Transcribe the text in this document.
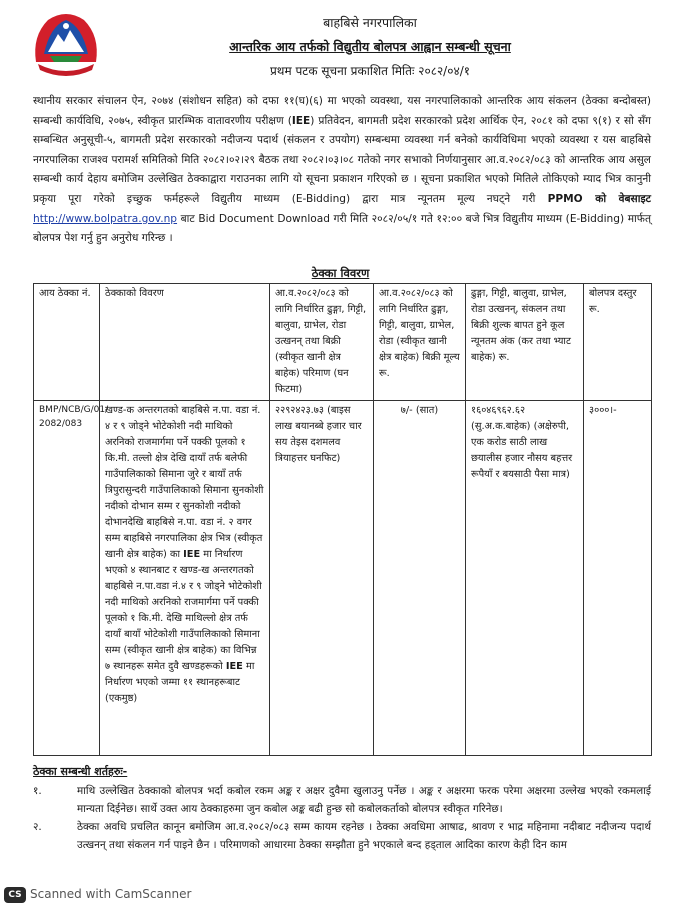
बाहबिसे नगरपालिका
आन्तरिक आय तर्फको विद्युतीय बोलपत्र आह्वान सम्बन्धी सूचना
प्रथम पटक सूचना प्रकाशित मितिः २०८२/०४/१

स्थानीय सरकार संचालन ऐन, २०७४ (संशोधन सहित) को दफा ११(घ)(६) मा भएको व्यवस्था, यस नगरपालिकाको आन्तरिक आय संकलन (ठेक्का बन्दोबस्त) सम्बन्धी कार्यविधि, २०७५, स्वीकृत प्रारम्भिक वातावरणीय परीक्षण (IEE) प्रतिवेदन, बागमती प्रदेश सरकारको प्रदेश आर्थिक ऐन, २०८१ को दफा ९(१) र सो सँग सम्बन्धित अनुसूची-५, बागमती प्रदेश सरकारको नदीजन्य पदार्थ (संकलन र उपयोग) सम्बन्धमा व्यवस्था गर्न बनेको कार्यविधिमा भएको व्यवस्था र यस बाहबिसे नगरपालिका राजश्व परामर्श समितिको मिति २०८२।०२।२९ बैठक तथा २०८२।०३।०८ गतेको नगर सभाको निर्णयानुसार आ.व.२०८२/०८३ को आन्तरिक आय असुल सम्बन्धी कार्य देहाय बमोजिम उल्लेखित ठेक्काद्वारा गराउनका लागि यो सूचना प्रकाशन गरिएको छ । सूचना प्रकाशित भएको मितिले तोकिएको म्याद भित्र कानुनी प्रकृया पूरा गरेको इच्छुक फर्महरूले विद्युतीय माध्यम (E-Bidding) द्वारा मात्र न्यूनतम मूल्य नघट्ने गरी PPMO को वेबसाइट http://www.bolpatra.gov.np बाट Bid Document Download गरी मिति २०८२/०५/१ गते १२:०० बजे भित्र विद्युतीय माध्यम (E-Bidding) मार्फत् बोलपत्र पेश गर्नु हुन अनुरोध गरिन्छ ।

ठेक्का विवरण
आय ठेक्का नं.	ठेक्काको विवरण	आ.व.२०८२/०८३ को लागि निर्धारित ढुङ्गा, गिट्टी, बालुवा, ग्राभेल, रोडा उत्खनन् तथा बिक्री (स्वीकृत खानी क्षेत्र बाहेक) परिमाण (घन फिटमा)	आ.व.२०८२/०८३ को लागि निर्धारित ढुङ्गा, गिट्टी, बालुवा, ग्राभेल, रोडा (स्वीकृत खानी क्षेत्र बाहेक) बिक्री मूल्य रू.	ढुङ्गा, गिट्टी, बालुवा, ग्राभेल, रोडा उत्खनन्, संकलन तथा बिक्री शुल्क बापत हुने कूल न्यूनतम अंक (कर तथा भ्याट बाहेक) रू.	बोलपत्र दस्तुर रू.
BMP/NCB/G/01/ 2082/083	खण्ड-क अन्तरगतको बाहबिसे न.पा. वडा नं. ४ र ९ जोड्ने भोटेकोशी नदी माथिको अरनिको राजमार्गमा पर्ने पक्की पूलको १ कि.मी. तल्लो क्षेत्र देखि दायाँ तर्फ बलेफी गाउँपालिकाको सिमाना जुरे र बायाँ तर्फ त्रिपुरासुन्दरी गाउँपालिकाको सिमाना सुनकोशी नदीको दोभान सम्म र सुनकोशी नदीको दोभानदेखि बाहबिसे न.पा. वडा नं. २ वगर सम्म बाहबिसे नगरपालिका क्षेत्र भित्र (स्वीकृत खानी क्षेत्र बाहेक) का IEE मा निर्धारण भएको ४ स्थानबाट र खण्ड-ख अन्तरगतको बाहबिसे न.पा.वडा नं.४ र ९ जोड्ने भोटेकोशी नदी माथिको अरनिको राजमार्गमा पर्ने पक्की पूलको १ कि.मी. देखि माथिल्लो क्षेत्र तर्फ दायाँ बायाँ भोटेकोशी गाउँपालिकाको सिमाना सम्म (स्वीकृत खानी क्षेत्र बाहेक) का विभिन्न ७ स्थानहरू समेत दुवै खण्डहरूको IEE मा निर्धारण भएको जम्मा ११ स्थानहरूबाट (एकमुष्ठ)	२२९२४२३.७३ (बाइस लाख बयानब्बे हजार चार सय तेइस दशमलव त्रियाहत्तर घनफिट)	७/- (सात)	१६०४६९६२.६२ (सु.अ.क.बाहेक) (अक्षेरुपी, एक करोड साठी लाख छयालीस हजार नौसय बहत्तर रूपैयाँ र बयसाठी पैसा मात्र)	३०००।-
ठेक्का सम्बन्धी शर्तहरुः-
१.	माथि उल्लेखित ठेक्काको बोलपत्र भर्दा कबोल रकम अङ्क र अक्षर दुवैमा खुलाउनु पर्नेछ । अङ्क र अक्षरमा फरक परेमा अक्षरमा उल्लेख भएको रकमलाई मान्यता दिईनेछ। सार्थे उक्त आय ठेक्काहरुमा जुन कबोल अङ्क बढी हुन्छ सो कबोलकर्ताको बोलपत्र स्वीकृत गरिनेछ।
२.	ठेक्का अवधि प्रचलित कानून बमोजिम आ.व.२०८२/०८३ सम्म कायम रहनेछ । ठेक्का अवधिमा आषाढ, श्रावण र भाद्र महिनामा नदीबाट नदीजन्य पदार्थ उत्खनन् तथा संकलन गर्न पाइने छैन । परिमाणको आधारमा ठेक्का सम्झौता हुने भएकाले बन्द हड्ताल आदिका कारण केही दिन काम
CS Scanned with CamScanner
